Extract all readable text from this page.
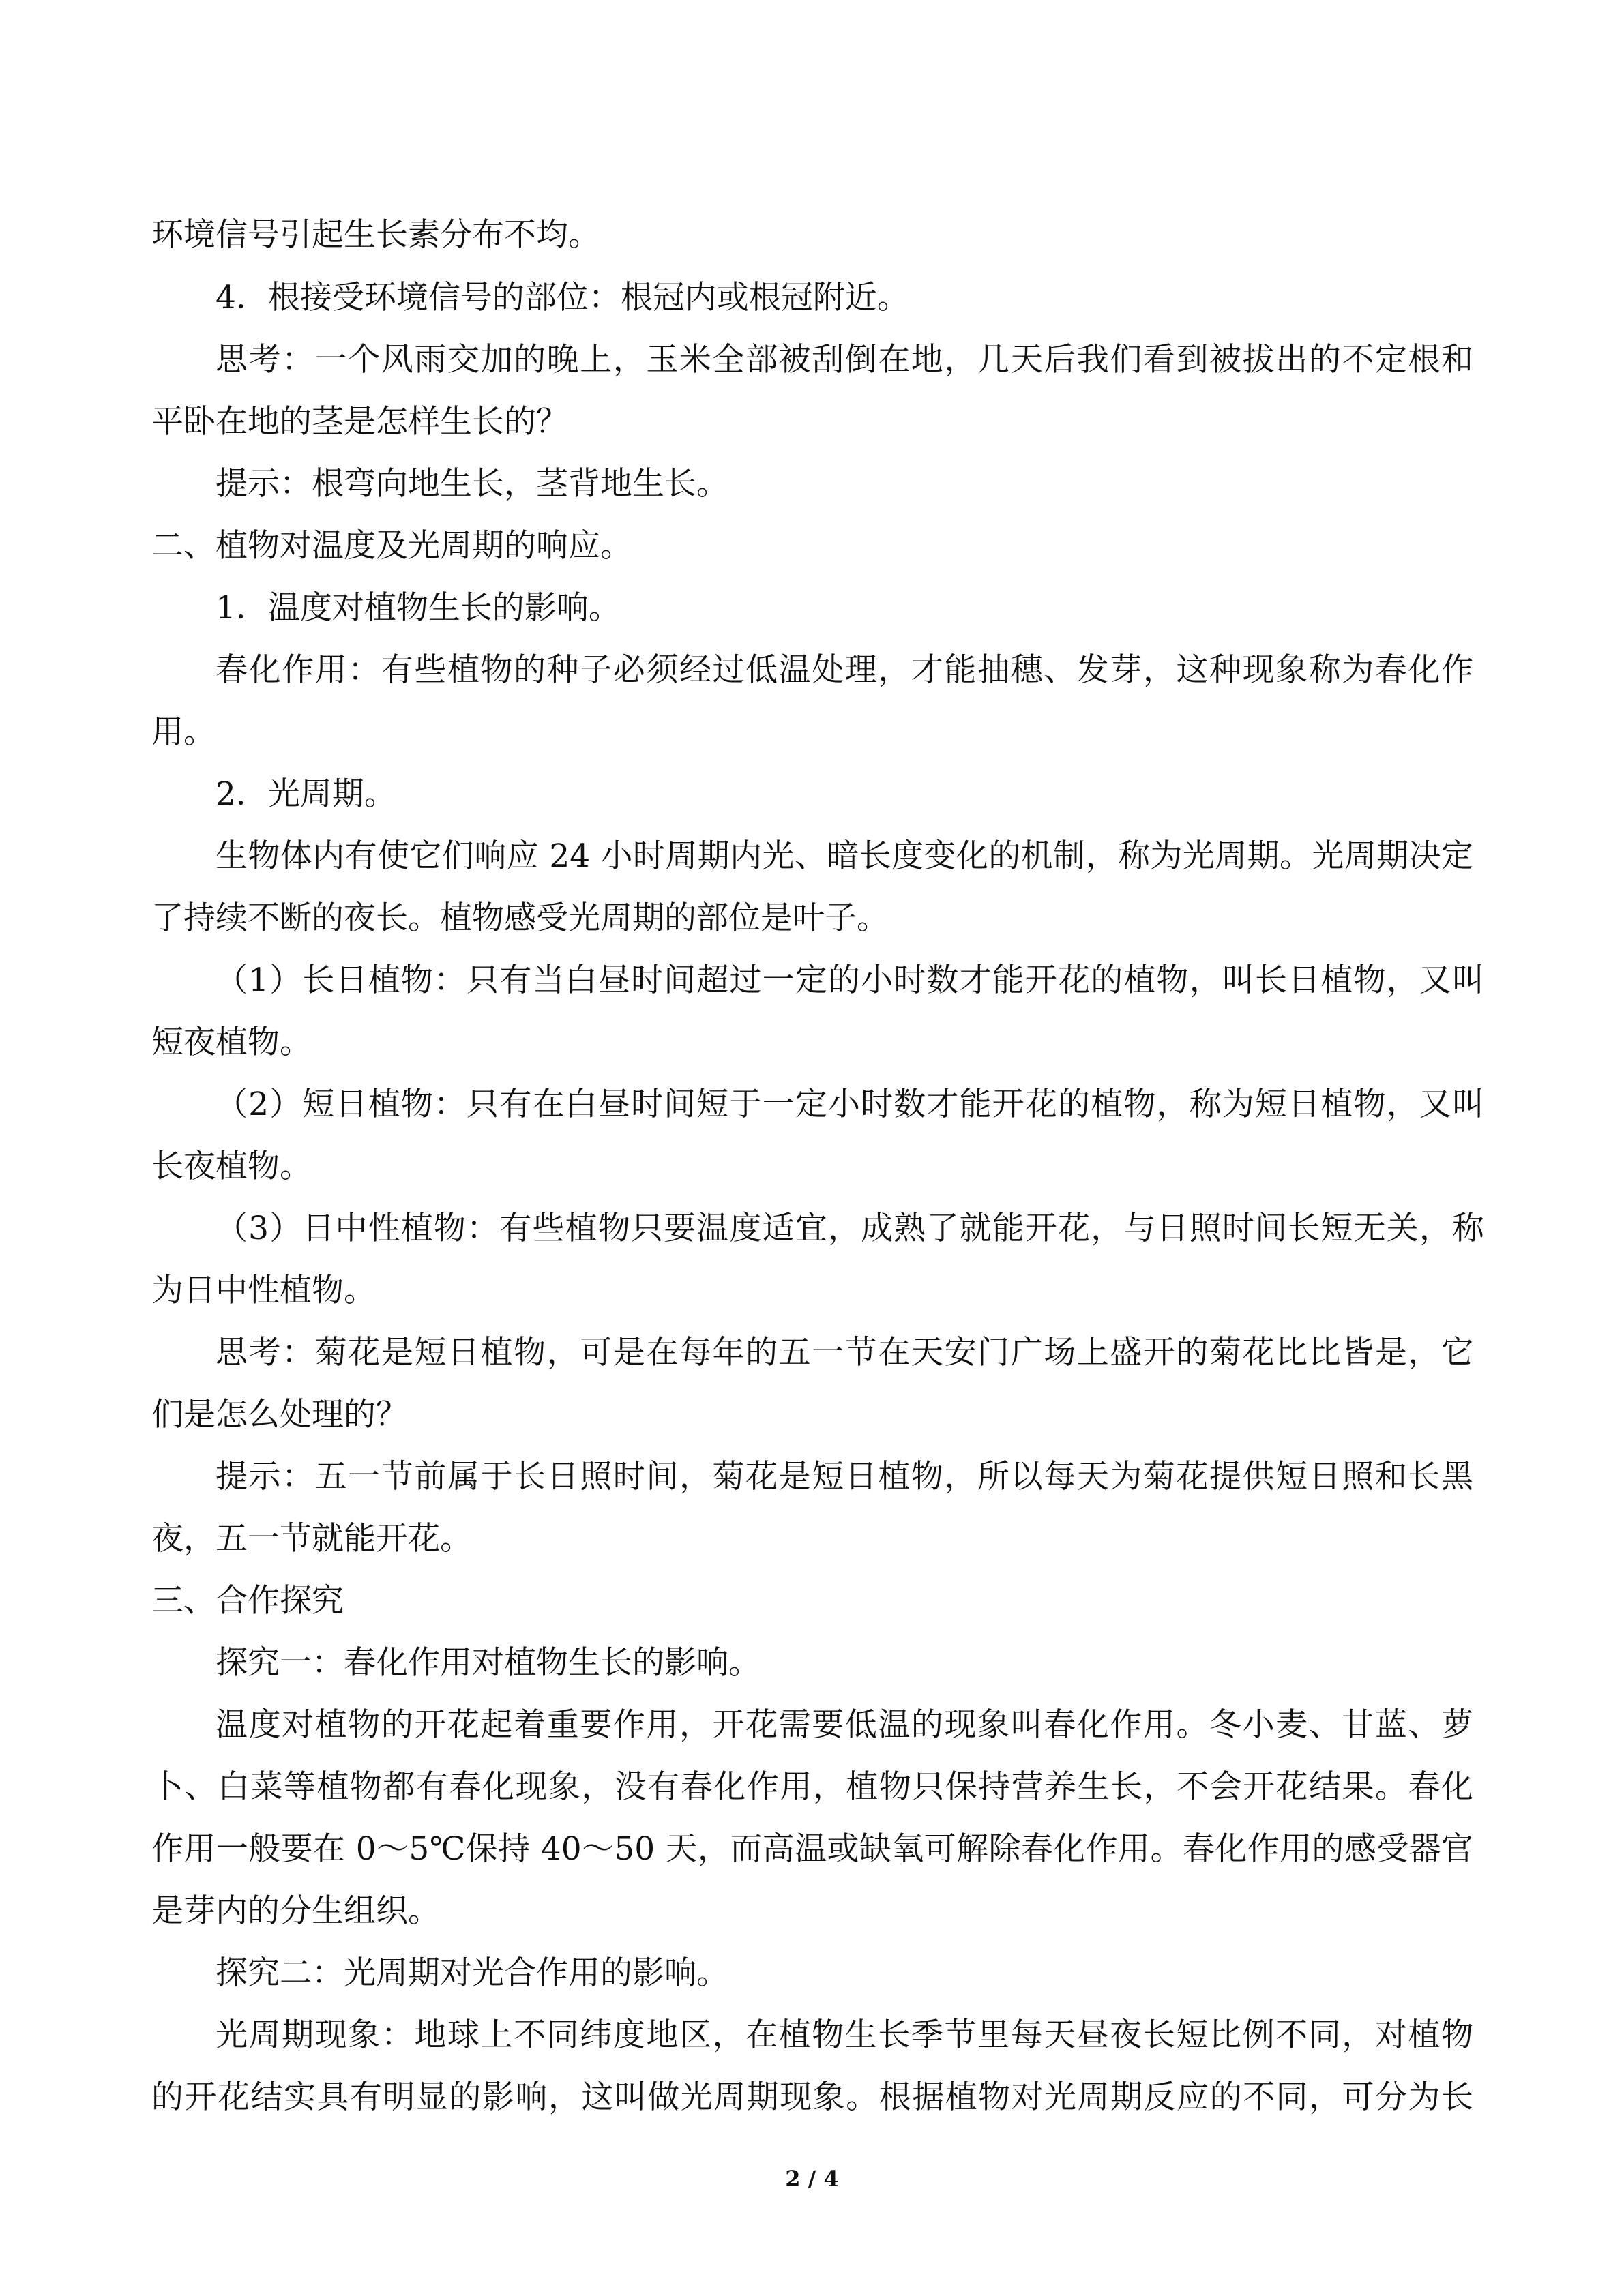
环境信号引起生长素分布不均。
4．根接受环境信号的部位：根冠内或根冠附近。
思考：一个风雨交加的晚上，玉米全部被刮倒在地，几天后我们看到被拔出的不定根和
平卧在地的茎是怎样生长的？
提示：根弯向地生长，茎背地生长。
二、植物对温度及光周期的响应。
1．温度对植物生长的影响。
春化作用：有些植物的种子必须经过低温处理，才能抽穗、发芽，这种现象称为春化作
用。
2．光周期。
生物体内有使它们响应 24 小时周期内光、暗长度变化的机制，称为光周期。光周期决定
了持续不断的夜长。植物感受光周期的部位是叶子。
（1）长日植物：只有当白昼时间超过一定的小时数才能开花的植物，叫长日植物，又叫
短夜植物。
（2）短日植物：只有在白昼时间短于一定小时数才能开花的植物，称为短日植物，又叫
长夜植物。
（3）日中性植物：有些植物只要温度适宜，成熟了就能开花，与日照时间长短无关，称
为日中性植物。
思考：菊花是短日植物，可是在每年的五一节在天安门广场上盛开的菊花比比皆是，它
们是怎么处理的？
提示：五一节前属于长日照时间，菊花是短日植物，所以每天为菊花提供短日照和长黑
夜，五一节就能开花。
三、合作探究
探究一：春化作用对植物生长的影响。
温度对植物的开花起着重要作用，开花需要低温的现象叫春化作用。冬小麦、甘蓝、萝
卜、白菜等植物都有春化现象，没有春化作用，植物只保持营养生长，不会开花结果。春化
作用一般要在 0～5℃保持 40～50 天，而高温或缺氧可解除春化作用。春化作用的感受器官
是芽内的分生组织。
探究二：光周期对光合作用的影响。
光周期现象：地球上不同纬度地区，在植物生长季节里每天昼夜长短比例不同，对植物
的开花结实具有明显的影响，这叫做光周期现象。根据植物对光周期反应的不同，可分为长
2 / 4
